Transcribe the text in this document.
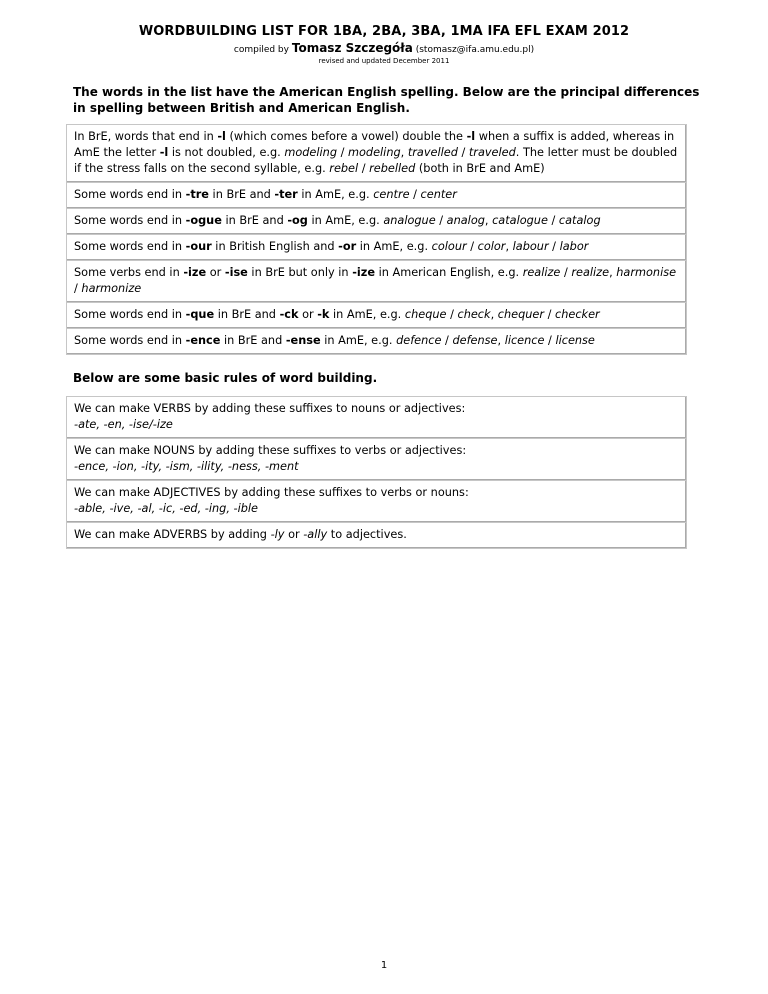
WORDBUILDING LIST FOR 1BA, 2BA, 3BA, 1MA IFA EFL EXAM 2012
compiled by Tomasz Szczegóła (stomasz@ifa.amu.edu.pl)
revised and updated December 2011
The words in the list have the American English spelling. Below are the principal differences in spelling between British and American English.
In BrE, words that end in -l (which comes before a vowel) double the -l when a suffix is added, whereas in AmE the letter -l is not doubled, e.g. modeling / modeling, travelled / traveled. The letter must be doubled if the stress falls on the second syllable, e.g. rebel / rebelled (both in BrE and AmE)
Some words end in -tre in BrE and -ter in AmE, e.g. centre / center
Some words end in -ogue in BrE and -og in AmE, e.g. analogue / analog, catalogue / catalog
Some words end in -our in British English and -or in AmE, e.g. colour / color, labour / labor
Some verbs end in -ize or -ise in BrE but only in -ize in American English, e.g. realize / realize, harmonise / harmonize
Some words end in -que in BrE and -ck or -k in AmE, e.g. cheque / check, chequer / checker
Some words end in -ence in BrE and -ense in AmE, e.g. defence / defense, licence / license
Below are some basic rules of word building.
We can make VERBS by adding these suffixes to nouns or adjectives:
-ate, -en, -ise/-ize
We can make NOUNS by adding these suffixes to verbs or adjectives:
-ence, -ion, -ity, -ism, -ility, -ness, -ment
We can make ADJECTIVES by adding these suffixes to verbs or nouns:
-able, -ive, -al, -ic, -ed, -ing, -ible
We can make ADVERBS by adding -ly or -ally to adjectives.
1
